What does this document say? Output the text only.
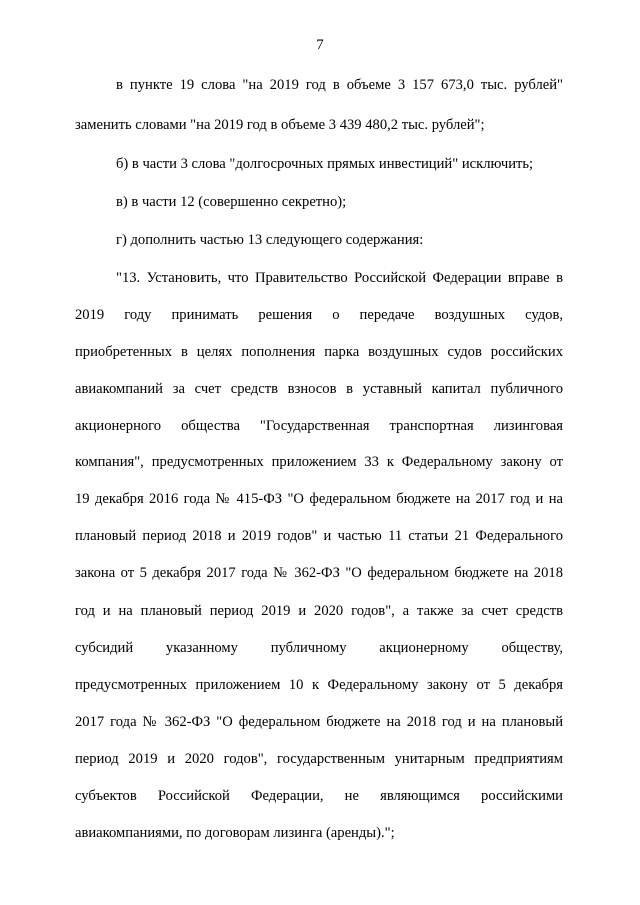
7
в пункте 19 слова "на 2019 год в объеме 3 157 673,0 тыс. рублей"
заменить словами "на 2019 год в объеме 3 439 480,2 тыс. рублей";
б) в части 3 слова "долгосрочных прямых инвестиций" исключить;
в) в части 12 (совершенно секретно);
г) дополнить частью 13 следующего содержания:
"13. Установить, что Правительство Российской Федерации вправе в
2019 году принимать решения о передаче воздушных судов,
приобретенных в целях пополнения парка воздушных судов российских
авиакомпаний за счет средств взносов в уставный капитал публичного
акционерного общества "Государственная транспортная лизинговая
компания", предусмотренных приложением 33 к Федеральному закону от
19 декабря 2016 года № 415-ФЗ "О федеральном бюджете на 2017 год и на
плановый период 2018 и 2019 годов" и частью 11 статьи 21 Федерального
закона от 5 декабря 2017 года № 362-ФЗ "О федеральном бюджете на 2018
год и на плановый период 2019 и 2020 годов", а также за счет средств
субсидий указанному публичному акционерному обществу,
предусмотренных приложением 10 к Федеральному закону от 5 декабря
2017 года № 362-ФЗ "О федеральном бюджете на 2018 год и на плановый
период 2019 и 2020 годов", государственным унитарным предприятиям
субъектов Российской Федерации, не являющимся российскими
авиакомпаниями, по договорам лизинга (аренды).";
